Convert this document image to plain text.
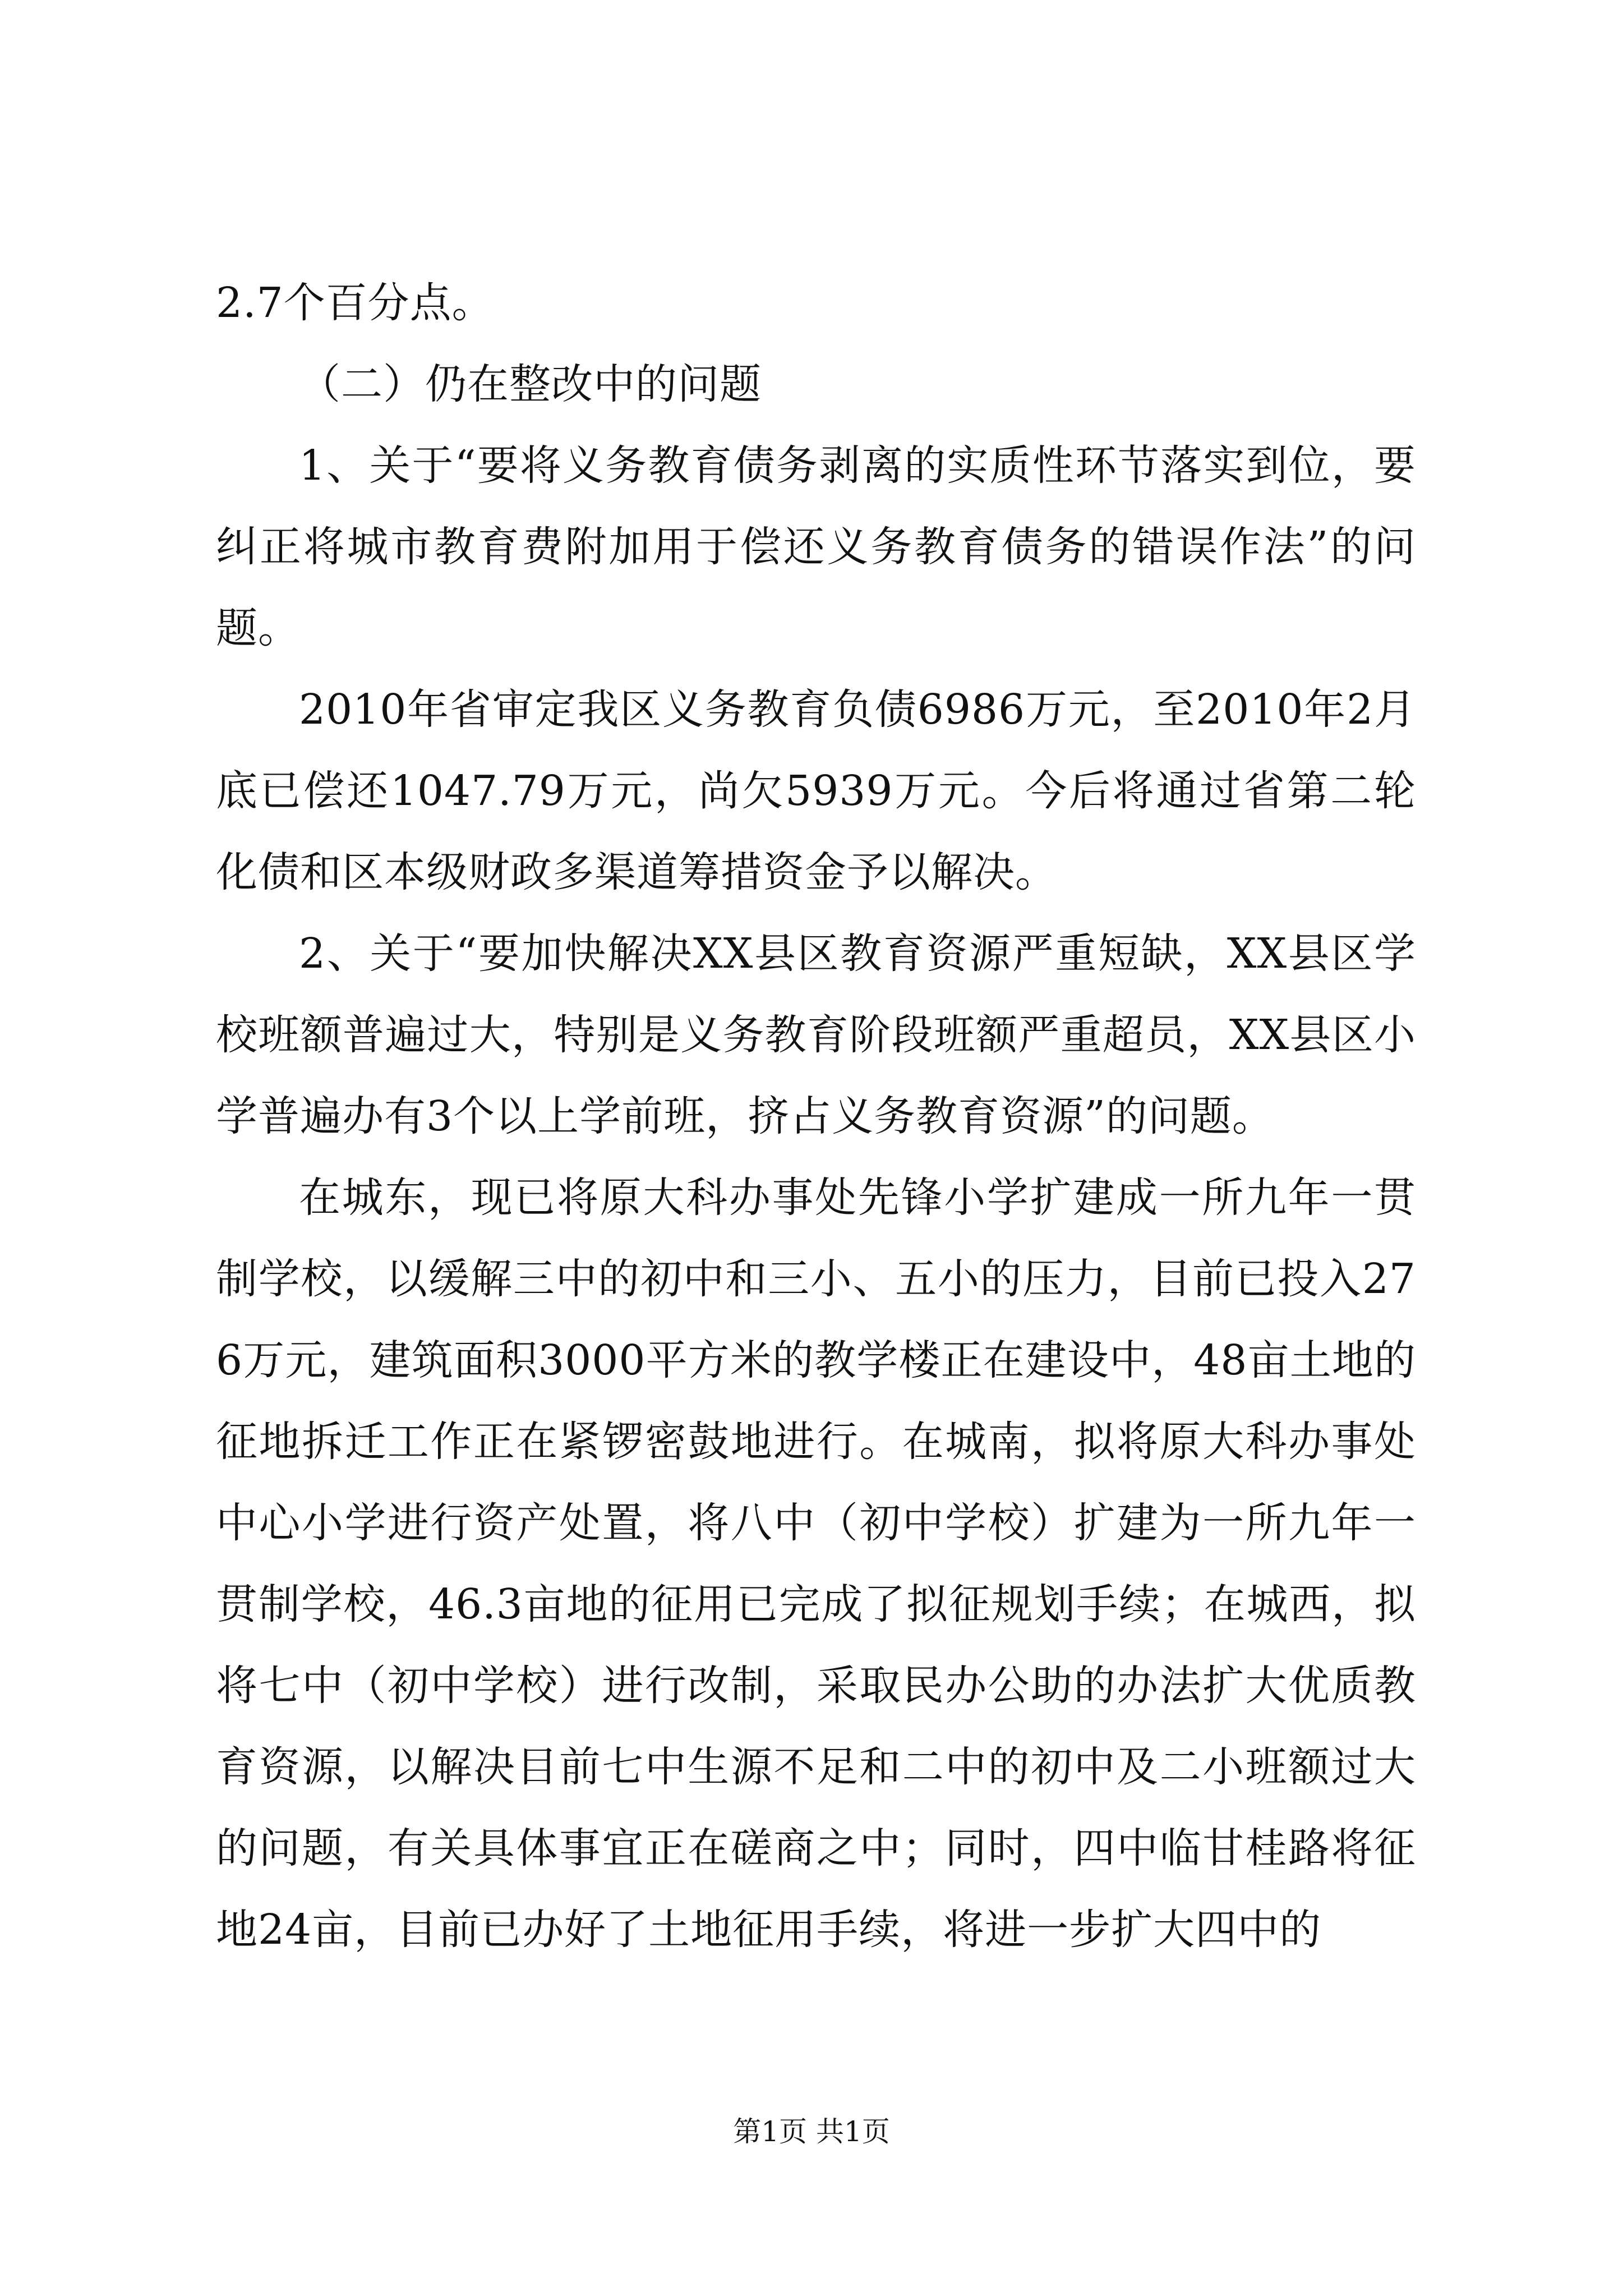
2.7个百分点。

（二）仍在整改中的问题

1、关于“要将义务教育债务剥离的实质性环节落实到位，要纠正将城市教育费附加用于偿还义务教育债务的错误作法”的问题。

2010年省审定我区义务教育负债6986万元，至2010年2月底已偿还1047.79万元，尚欠5939万元。今后将通过省第二轮化债和区本级财政多渠道筹措资金予以解决。

2、关于“要加快解决XX县区教育资源严重短缺，XX县区学校班额普遍过大，特别是义务教育阶段班额严重超员，XX县区小学普遍办有3个以上学前班，挤占义务教育资源”的问题。

在城东，现已将原大科办事处先锋小学扩建成一所九年一贯制学校，以缓解三中的初中和三小、五小的压力，目前已投入276万元，建筑面积3000平方米的教学楼正在建设中，48亩土地的征地拆迁工作正在紧锣密鼓地进行。在城南，拟将原大科办事处中心小学进行资产处置，将八中（初中学校）扩建为一所九年一贯制学校，46.3亩地的征用已完成了拟征规划手续；在城西，拟将七中（初中学校）进行改制，采取民办公助的办法扩大优质教育资源，以解决目前七中生源不足和二中的初中及二小班额过大的问题，有关具体事宜正在磋商之中；同时，四中临甘桂路将征地24亩，目前已办好了土地征用手续，将进一步扩大四中的

第1页 共1页
